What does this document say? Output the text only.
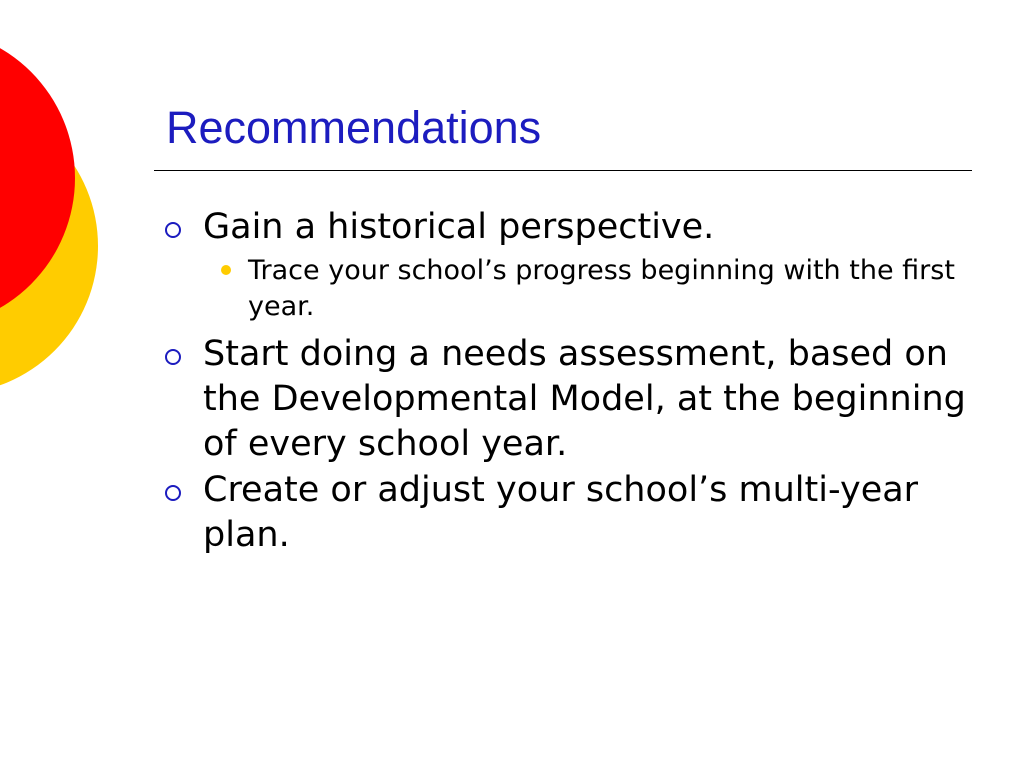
Recommendations
Gain a historical perspective.
Trace your school’s progress beginning with the first year.
Start doing a needs assessment, based on the Developmental Model, at the beginning of every school year.
Create or adjust your school’s multi-year plan.
